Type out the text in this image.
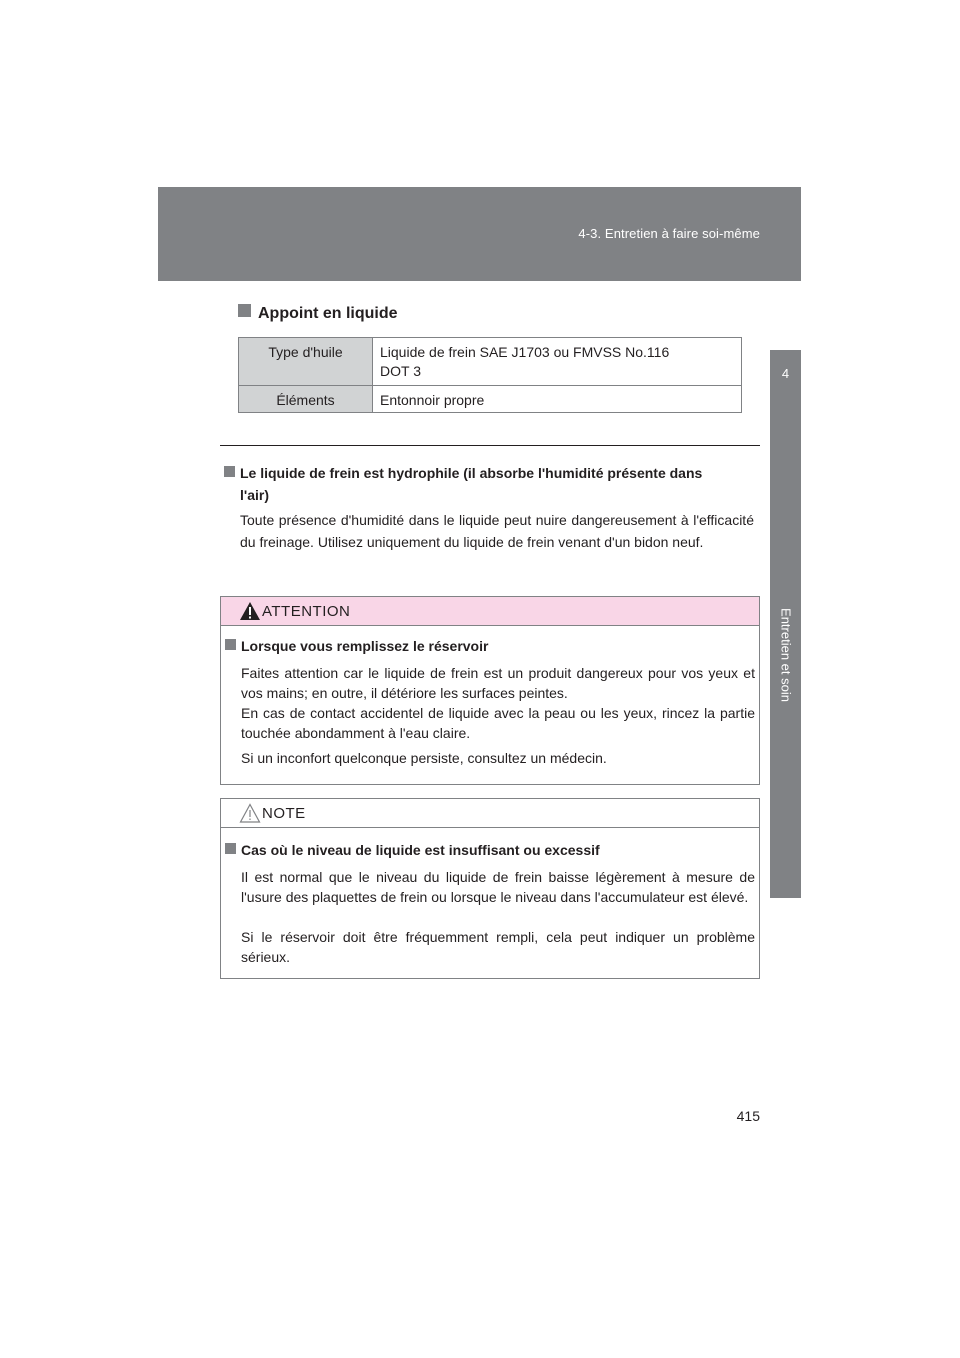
4-3. Entretien à faire soi-même
4
Entretien et soin
Appoint en liquide
Type d'huile	Liquide de frein SAE J1703 ou FMVSS No.116
DOT 3

Éléments	Entonnoir propre
Le liquide de frein est hydrophile (il absorbe l'humidité présente dans
l'air)
Toute présence d'humidité dans le liquide peut nuire dangereusement à l'efficacité du freinage. Utilisez uniquement du liquide de frein venant d'un bidon neuf.
ATTENTION
Lorsque vous remplissez le réservoir
Faites attention car le liquide de frein est un produit dangereux pour vos yeux et vos mains; en outre, il détériore les surfaces peintes.
En cas de contact accidentel de liquide avec la peau ou les yeux, rincez la partie touchée abondamment à l'eau claire.
Si un inconfort quelconque persiste, consultez un médecin.
NOTE
Cas où le niveau de liquide est insuffisant ou excessif
Il est normal que le niveau du liquide de frein baisse légèrement à mesure de l'usure des plaquettes de frein ou lorsque le niveau dans l'accumulateur est élevé.
Si le réservoir doit être fréquemment rempli, cela peut indiquer un problème sérieux.
415
